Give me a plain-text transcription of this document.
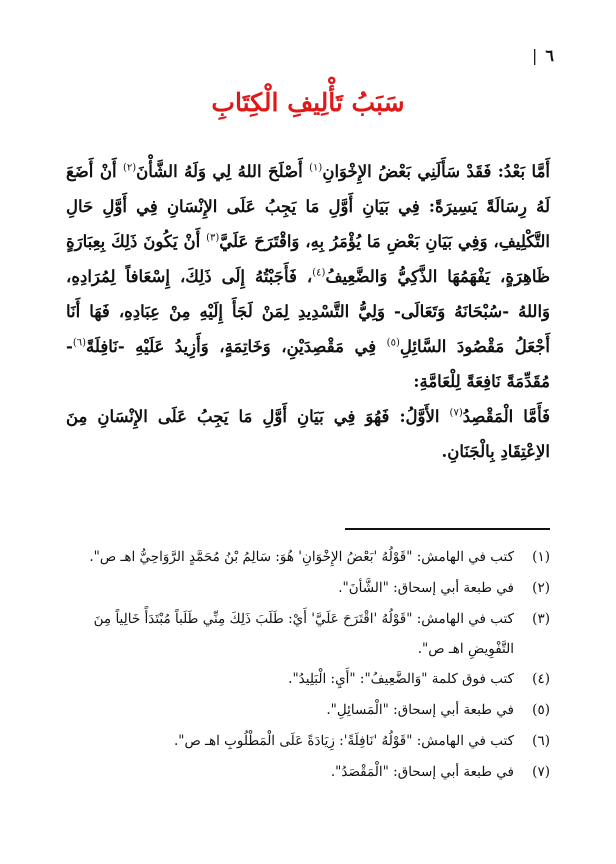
٦
|
سَبَبُ تَأْلِيفِ الْكِتَابِ

أَمَّا بَعْدُ: فَقَدْ سَأَلَنِي بَعْضُ الإِخْوَانِ$^{(١)}$ أَصْلَحَ اللهُ لِي وَلَهُ الشَّأْنَ$^{(٢)}$ أَنْ أَضَعَ لَهُ رِسَالَةً يَسِيرَةً: فِي بَيَانِ أَوَّلِ مَا يَجِبُ عَلَى الإِنْسَانِ فِي أَوَّلِ حَالِ التَّكْلِيفِ، وَفِي بَيَانِ بَعْضِ مَا يُؤْمَرُ بِهِ، وَاقْتَرَحَ عَلَيَّ$^{(٣)}$ أَنْ يَكُونَ ذَلِكَ بِعِبَارَةٍ ظَاهِرَةٍ، يَفْهَمُهَا الذَّكِيُّ وَالضَّعِيفُ$^{(٤)}$، فَأَجَبْتُهُ إِلَى ذَلِكَ، إِسْعَافاً لِمُرَادِهِ، وَاللهُ -سُبْحَانَهُ وَتَعَالَى- وَلِيُّ التَّسْدِيدِ لِمَنْ لَجَأَ إِلَيْهِ مِنْ عِبَادِهِ، فَهَا أَنَا أَجْعَلُ مَقْصُودَ السَّائِلِ$^{(٥)}$ فِي مَقْصِدَيْنِ، وَخَاتِمَةٍ، وَأَزِيدُ عَلَيْهِ -نَافِلَةً$^{(٦)}$- مُقَدِّمَةً نَافِعَةً لِلْعَامَّةِ:

فَأَمَّا الْمَقْصِدُ$^{(٧)}$ الأَوَّلُ: فَهُوَ فِي بَيَانِ أَوَّلِ مَا يَجِبُ عَلَى الإِنْسَانِ مِنَ الاِعْتِقَادِ بِالْجَنَانِ.

(١)
كتب في الهامش: "قَوْلُهُ 'بَعْضُ الإِخْوَانِ' هُوَ: سَالِمُ بْنُ مُحَمَّدٍ الرَّوَاحِيُّ اهـ ص".
(٢)
في طبعة أبي إسحاق: "الشَّأنَ".
(٣)
كتب في الهامش: "قَوْلُهُ 'اقْتَرَحَ عَلَيَّ' أَيْ: طَلَبَ ذَلِكَ مِنِّي طَلَباً مُبْتَدَأً خَالِياً مِنَ التَّفْوِيضِ اهـ ص".
(٤)
كتب فوق كلمة "وَالضَّعِيفُ": "أَيِ: الْبَلِيدُ".
(٥)
في طبعة أبي إسحاق: "الْمَسائِلِ".
(٦)
كتب في الهامش: "قَوْلُهُ 'نَافِلَةً': زِيَادَةً عَلَى الْمَطْلُوبِ اهـ ص".
(٧)
في طبعة أبي إسحاق: "الْمَقْصَدُ".
